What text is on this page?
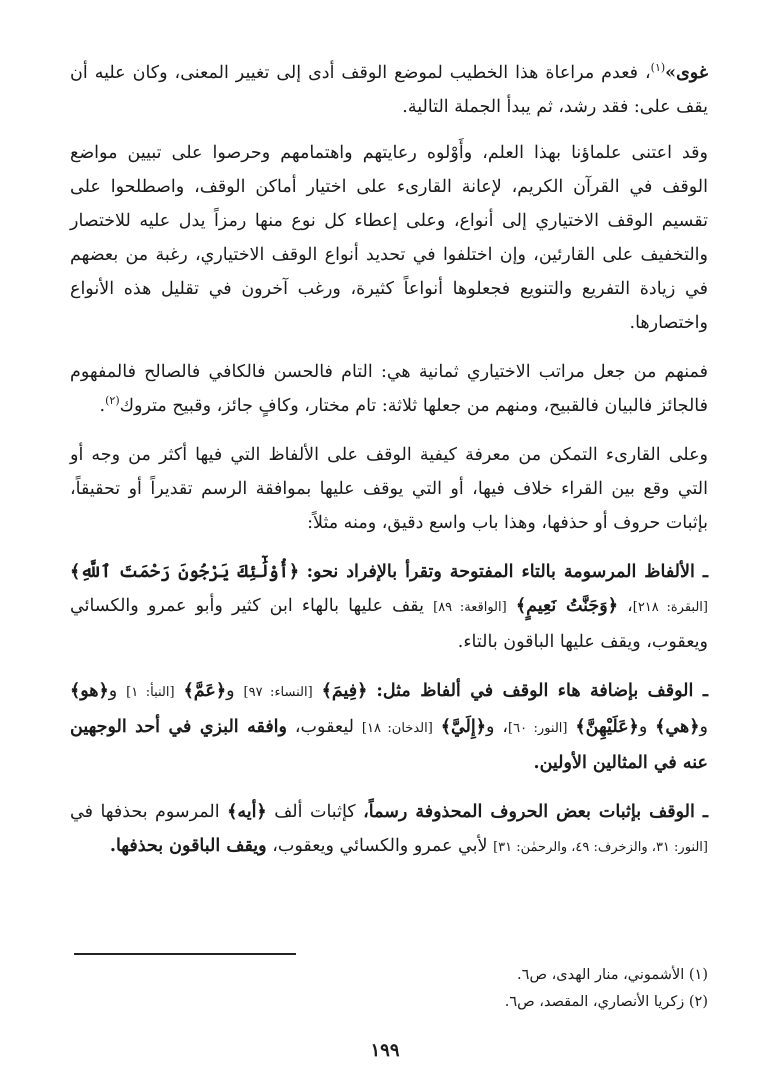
غوى»$^{(١)}$، فعدم مراعاة هذا الخطيب لموضع الوقف أدى إلى تغيير المعنى، وكان عليه أن يقف على: فقد رشد، ثم يبدأ الجملة التالية.

وقد اعتنى علماؤنا بهذا العلم، وأَوْلوه رعايتهم واهتمامهم وحرصوا على تبيين مواضع الوقف في القرآن الكريم، لإعانة القارىء على اختيار أماكن الوقف، واصطلحوا على تقسيم الوقف الاختياري إلى أنواع، وعلى إعطاء كل نوع منها رمزاً يدل عليه للاختصار والتخفيف على القارئين، وإن اختلفوا في تحديد أنواع الوقف الاختياري، رغبة من بعضهم في زيادة التفريع والتنويع فجعلوها أنواعاً كثيرة، ورغب آخرون في تقليل هذه الأنواع واختصارها.

فمنهم من جعل مراتب الاختياري ثمانية هي: التام فالحسن فالكافي فالصالح فالمفهوم فالجائز فالبيان فالقبيح، ومنهم من جعلها ثلاثة: تام مختار، وكافٍ جائز، وقبيح متروك$^{(٢)}$.

وعلى القارىء التمكن من معرفة كيفية الوقف على الألفاظ التي فيها أكثر من وجه أو التي وقع بين القراء خلاف فيها، أو التي يوقف عليها بموافقة الرسم تقديراً أو تحقيقاً، بإثبات حروف أو حذفها، وهذا باب واسع دقيق، ومنه مثلاً:

ـ الألفاظ المرسومة بالتاء المفتوحة وتقرأ بالإفراد نحو: ﴿أُوْلَٰٓئِكَ يَرْجُونَ رَحْمَتَ ٱللَّهِ﴾ [البقرة: ٢١٨]، ﴿وَجَنَّتُ نَعِيمٍ﴾ [الواقعة: ٨٩] يقف عليها بالهاء ابن كثير وأبو عمرو والكسائي ويعقوب، ويقف عليها الباقون بالتاء.

ـ الوقف بإضافة هاء الوقف في ألفاظ مثل: ﴿فِيمَ﴾ [النساء: ٩٧] و﴿عَمَّ﴾ [النبأ: ١] و﴿هو﴾ و﴿هي﴾ و﴿عَلَيْهِنَّ﴾ [النور: ٦٠]، و﴿إِلَيَّ﴾ [الدخان: ١٨] ليعقوب، وافقه البزي في أحد الوجهين عنه في المثالين الأولين.

ـ الوقف بإثبات بعض الحروف المحذوفة رسماً، كإثبات ألف ﴿أيه﴾ المرسوم بحذفها في [النور: ٣١، والزخرف: ٤٩، والرحمٰن: ٣١] لأبي عمرو والكسائي ويعقوب، ويقف الباقون بحذفها.

(١) الأشموني، منار الهدى، ص٦.

(٢) زكريا الأنصاري، المقصد، ص٦.

١٩٩
